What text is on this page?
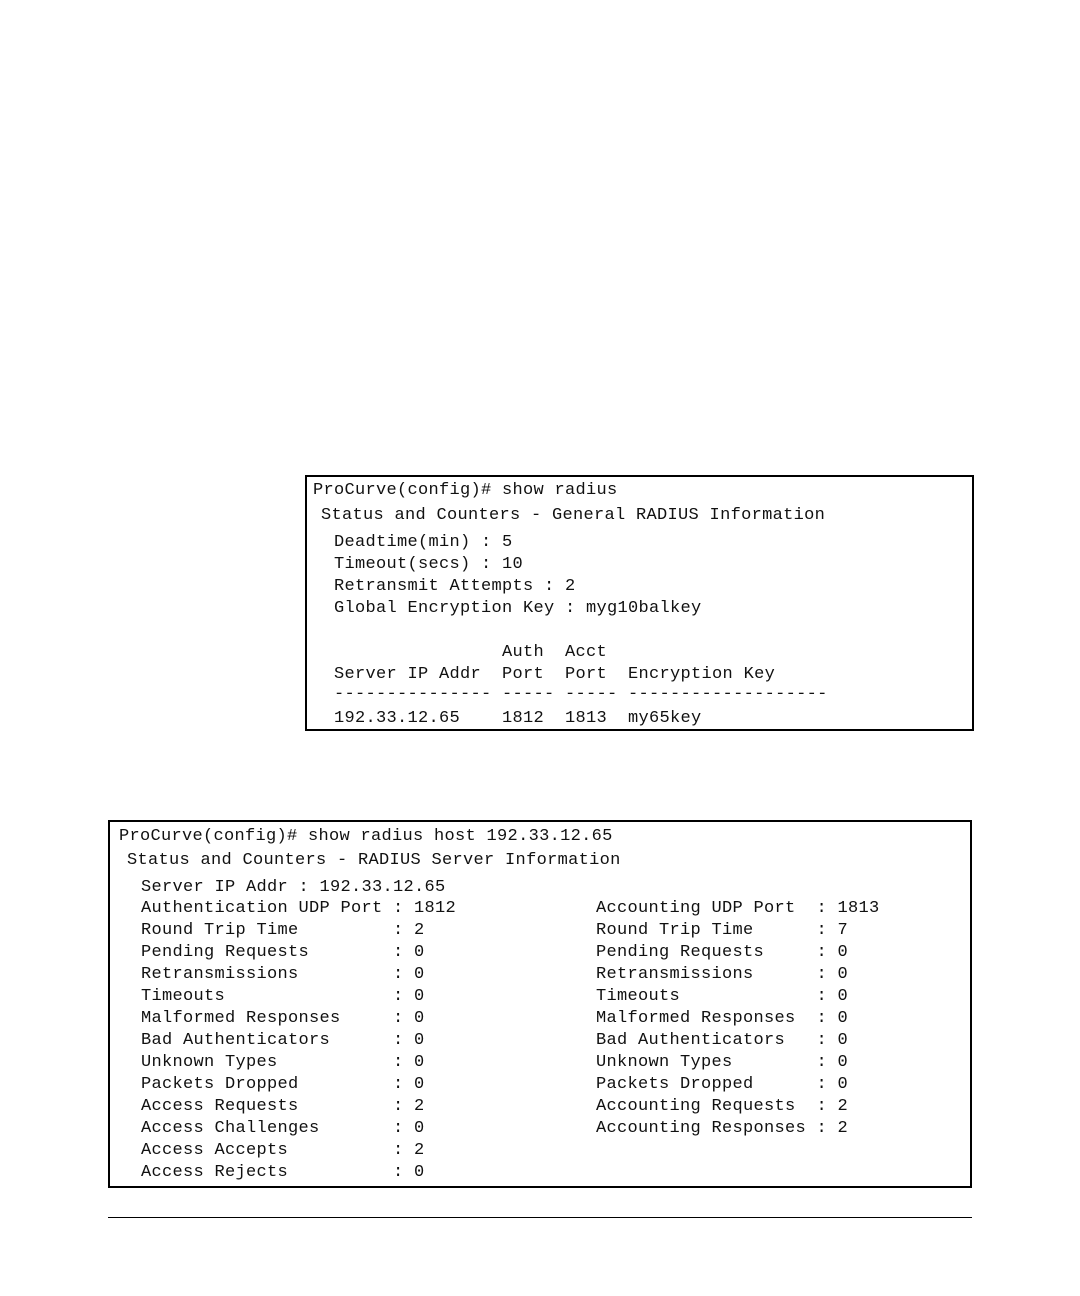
ProCurve(config)# show radius
Status and Counters - General RADIUS Information
Deadtime(min) : 5
Timeout(secs) : 10
Retransmit Attempts : 2
Global Encryption Key : myg10balkey
Auth  Acct
Server IP Addr  Port  Port  Encryption Key
--------------- ----- ----- -------------------
192.33.12.65    1812  1813  my65key
ProCurve(config)# show radius host 192.33.12.65
Status and Counters - RADIUS Server Information
Server IP Addr : 192.33.12.65
Authentication UDP Port : 1812
Round Trip Time         : 2
Pending Requests        : 0
Retransmissions         : 0
Timeouts                : 0
Malformed Responses     : 0
Bad Authenticators      : 0
Unknown Types           : 0
Packets Dropped         : 0
Access Requests         : 2
Access Challenges       : 0
Access Accepts          : 2
Access Rejects          : 0
Accounting UDP Port  : 1813
Round Trip Time      : 7
Pending Requests     : 0
Retransmissions      : 0
Timeouts             : 0
Malformed Responses  : 0
Bad Authenticators   : 0
Unknown Types        : 0
Packets Dropped      : 0
Accounting Requests  : 2
Accounting Responses : 2
